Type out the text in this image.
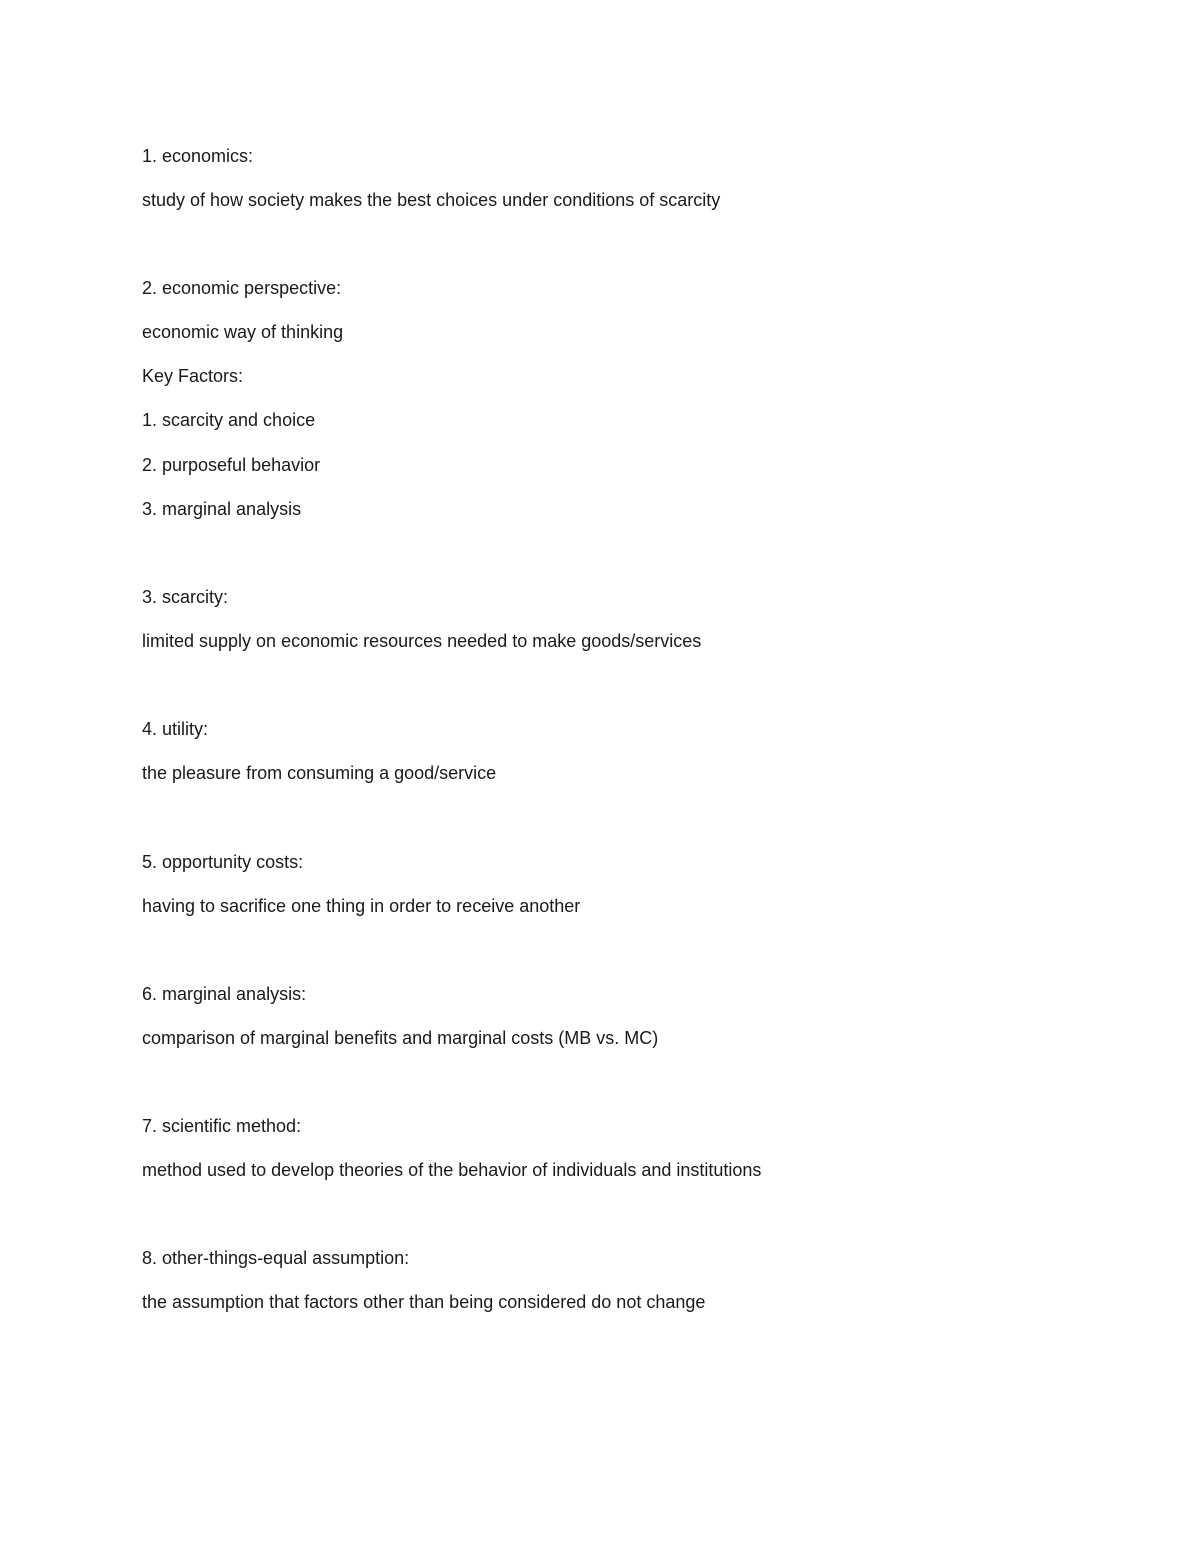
1. economics:
study of how society makes the best choices under conditions of scarcity
2. economic perspective:
economic way of thinking
Key Factors:
1. scarcity and choice
2. purposeful behavior
3. marginal analysis
3. scarcity:
limited supply on economic resources needed to make goods/services
4. utility:
the pleasure from consuming a good/service
5. opportunity costs:
having to sacrifice one thing in order to receive another
6. marginal analysis:
comparison of marginal benefits and marginal costs (MB vs. MC)
7. scientific method:
method used to develop theories of the behavior of individuals and institutions
8. other-things-equal assumption:
the assumption that factors other than being considered do not change
